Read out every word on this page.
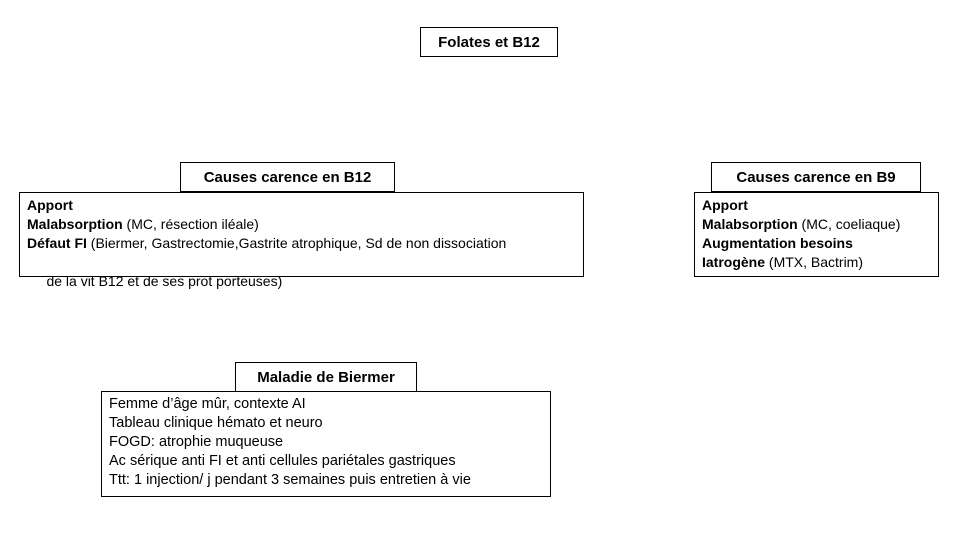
Folates et B12
Causes carence en B12
Apport
Malabsorption (MC, résection iléale)
Défaut FI (Biermer, Gastrectomie,Gastrite atrophique, Sd de non dissociation

de la vit B12 et de ses prot porteuses)

Causes carence en B9
Apport
Malabsorption (MC, coeliaque)
Augmentation besoins
Iatrogène (MTX, Bactrim)
Maladie de Biermer
Femme d’âge mûr, contexte AI
Tableau clinique hémato et neuro
FOGD: atrophie muqueuse
Ac sérique anti FI et anti cellules pariétales gastriques
Ttt: 1 injection/ j pendant 3 semaines puis entretien à vie
